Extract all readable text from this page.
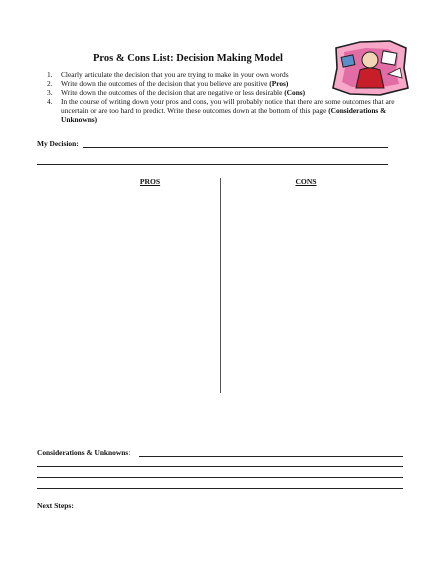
Pros & Cons List: Decision Making Model
1. Clearly articulate the decision that you are trying to make in your own words
2. Write down the outcomes of the decision that you believe are positive (Pros)
3. Write down the outcomes of the decision that are negative or less desirable (Cons)
4. In the course of writing down your pros and cons, you will probably notice that there are some outcomes that are uncertain or are too hard to predict. Write these outcomes down at the bottom of this page (Considerations & Unknowns)
My Decision:
PROS	CONS
Considerations & Unknowns:
Next Steps:
